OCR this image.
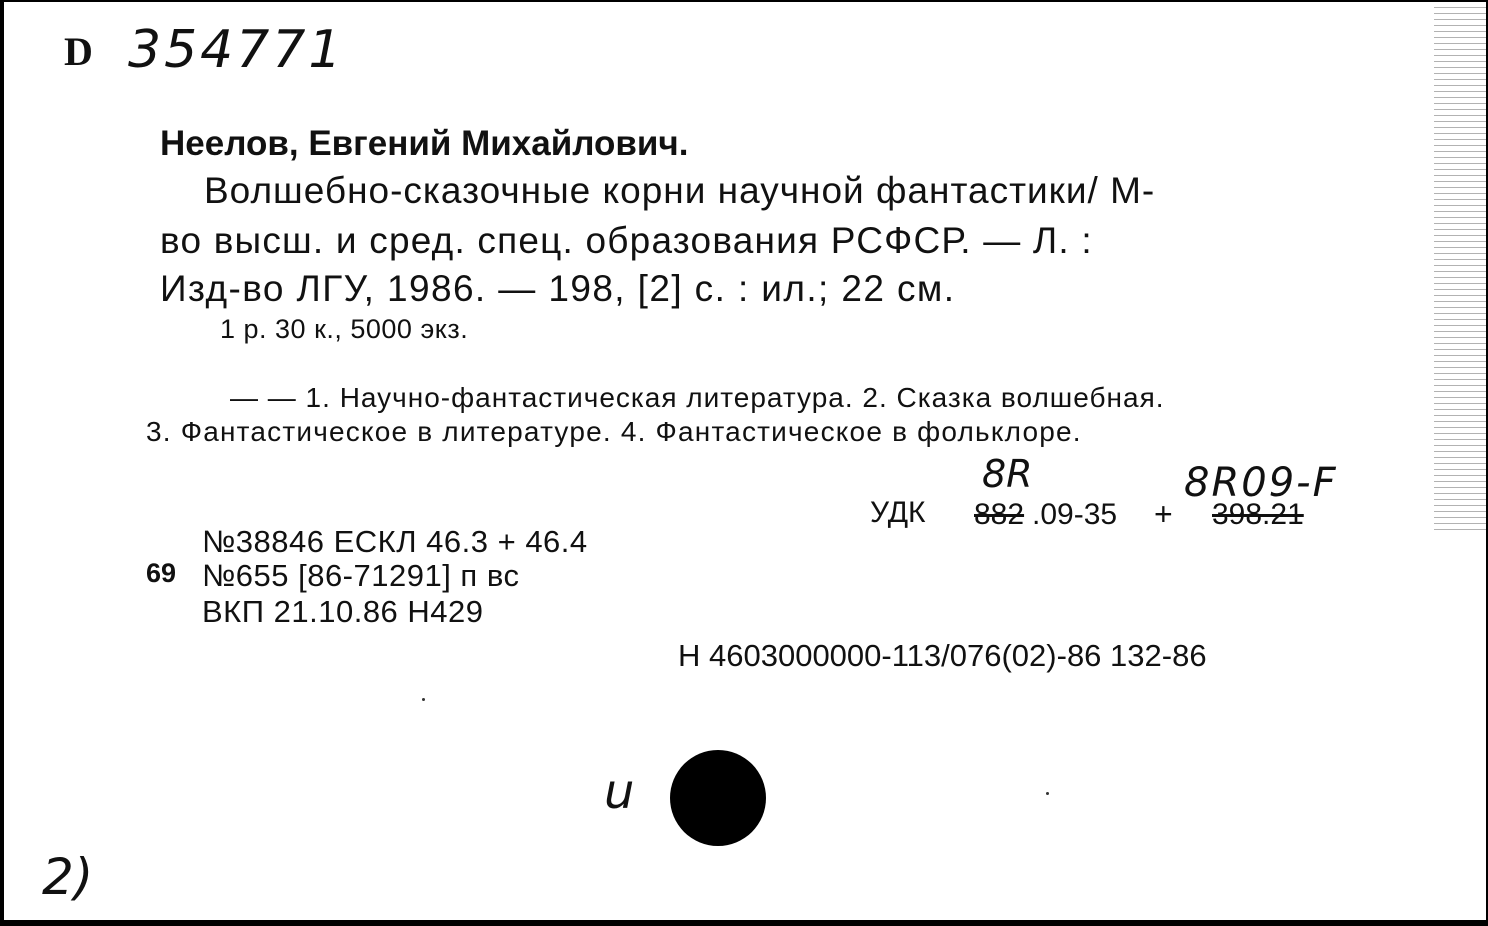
D 354771
Неелов, Евгений Михайлович.
Волшебно-сказочные корни научной фантастики/ М-
во высш. и сред. спец. образования РСФСР. — Л. :
Изд-во ЛГУ, 1986. — 198, [2] с. : ил.; 22 см.
1 р. 30 к., 5000 экз.
— — 1. Научно-фантастическая литература. 2. Сказка волшебная.
3. Фантастическое в литературе. 4. Фантастическое в фольклоре.
8R	8R09-F
УДК 882 .09-35 + 398.21
№38846 ЕСКЛ 46.3 + 46.4
69 №655 [86-71291] п вс
ВКП 21.10.86 Н429
Н 4603000000-113/076(02)-86 132-86
u
2)
